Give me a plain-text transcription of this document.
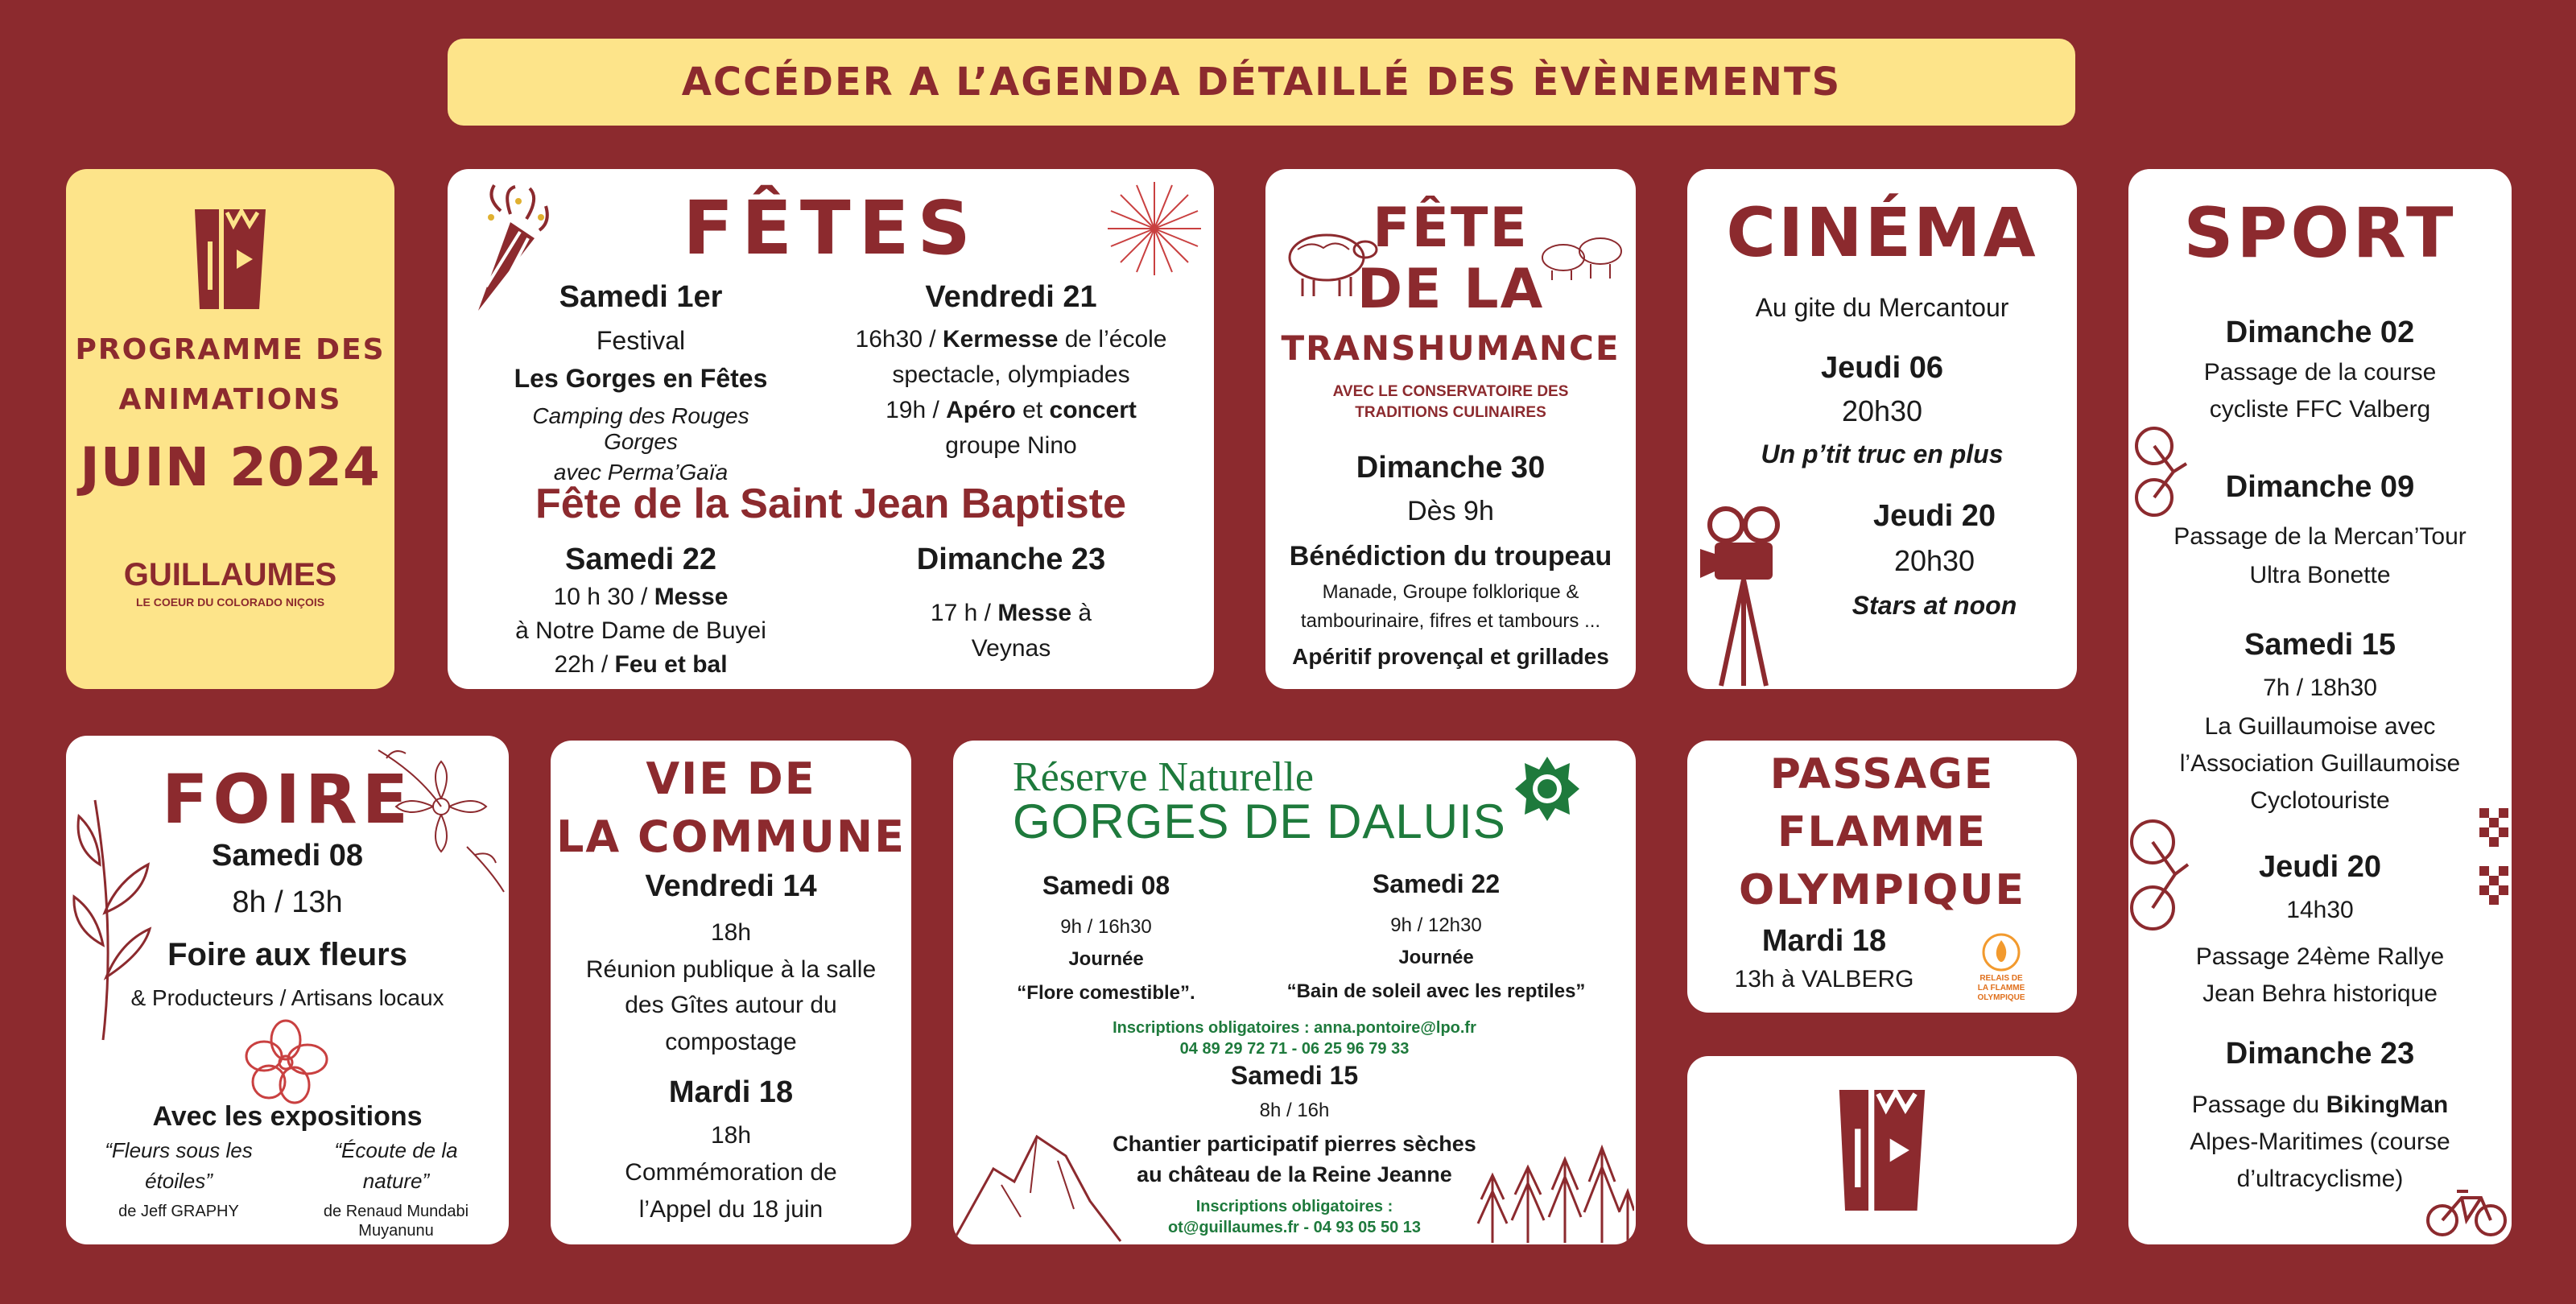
ACCÉDER A L’AGENDA DÉTAILLÉ DES ÈVÈNEMENTS
PROGRAMME DES
ANIMATIONS
JUIN 2024
GUILLAUMES
LE COEUR DU COLORADO NIÇOIS
FÊTES
Samedi 1er
Festival
Les Gorges en Fêtes
Camping des Rouges Gorges
avec Perma’Gaïa
Vendredi 21
16h30 / Kermesse de l’école
spectacle, olympiades
19h / Apéro et concert
groupe Nino
Fête de la Saint Jean Baptiste
Samedi 22
10 h 30 / Messe
à Notre Dame de Buyei
22h / Feu et bal
Dimanche 23
17 h / Messe à
Veynas
FÊTE
DE LA
TRANSHUMANCE
AVEC LE CONSERVATOIRE DES
TRADITIONS CULINAIRES
Dimanche 30
Dès 9h
Bénédiction du troupeau
Manade, Groupe folklorique &
tambourinaire, fifres et tambours ...
Apéritif provençal et grillades
CINÉMA
Au gite du Mercantour
Jeudi 06
20h30
Un p’tit truc en plus
Jeudi 20
20h30
Stars at noon
SPORT
Dimanche 02
Passage de la course
cycliste FFC Valberg
Dimanche 09
Passage de la Mercan’Tour
Ultra Bonette
Samedi 15
7h / 18h30
La Guillaumoise avec
l’Association Guillaumoise
Cyclotouriste
Jeudi 20
14h30
Passage 24ème Rallye
Jean Behra historique
Dimanche 23
Passage du BikingMan
Alpes-Maritimes (course
d’ultracyclisme)
FOIRE
Samedi 08
8h / 13h
Foire aux fleurs
& Producteurs / Artisans locaux
Avec les expositions
“Fleurs sous les
étoiles”
de Jeff GRAPHY
“Écoute de la
nature”
de Renaud Mundabi
Muyanunu
VIE DE
LA COMMUNE
Vendredi 14
18h
Réunion publique à la salle
des Gîtes autour du
compostage
Mardi 18
18h
Commémoration de
l’Appel du 18 juin
Réserve Naturelle
GORGES DE DALUIS
Samedi 08
9h / 16h30
Journée
“Flore comestible”.
Samedi 22
9h / 12h30
Journée
“Bain de soleil avec les reptiles”
Inscriptions obligatoires : anna.pontoire@lpo.fr
04 89 29 72 71 - 06 25 96 79 33
Samedi 15
8h / 16h
Chantier participatif pierres sèches
au château de la Reine Jeanne
Inscriptions obligatoires :
ot@guillaumes.fr - 04 93 05 50 13
PASSAGE
FLAMME
OLYMPIQUE
Mardi 18
13h à VALBERG	RELAIS DE
LA FLAMME
OLYMPIQUE
